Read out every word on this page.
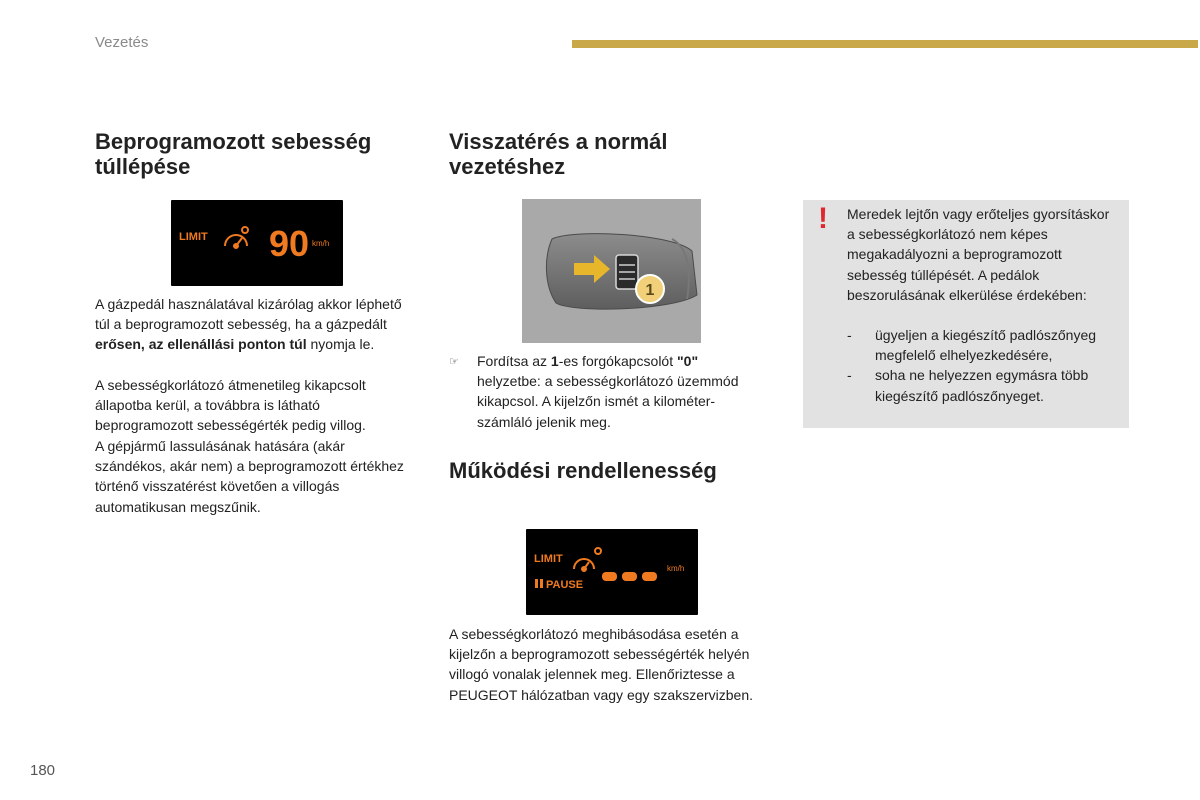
Vezetés
Beprogramozott sebesség
túllépése
LIMIT 90 km/h

A gázpedál használatával kizárólag akkor léphető túl a beprogramozott sebesség, ha a gázpedált erősen, az ellenállási ponton túl nyomja le.

A sebességkorlátozó átmenetileg kikapcsolt állapotba kerül, a továbbra is látható beprogramozott sebességérték pedig villog.

A gépjármű lassulásának hatására (akár szándékos, akár nem) a beprogramozott értékhez történő visszatérést követően a villogás automatikusan megszűnik.

Visszatérés a normál
vezetéshez
1
☞	Fordítsa az 1-es forgókapcsolót "0" helyzetbe: a sebességkorlátozó üzemmód kikapcsol. A kijelzőn ismét a kilométer-számláló jelenik meg.
Működési rendellenesség
LIMIT
PAUSE
km/h

A sebességkorlátozó meghibásodása esetén a kijelzőn a beprogramozott sebességérték helyén villogó vonalak jelennek meg. Ellenőriztesse a PEUGEOT hálózatban vagy egy szakszervizben.

! Meredek lejtőn vagy erőteljes gyorsításkor a sebességkorlátozó nem képes megakadályozni a beprogramozott sebesség túllépését. A pedálok beszorulásának elkerülése érdekében:

- ügyeljen a kiegészítő padlószőnyeg megfelelő elhelyezkedésére,
- soha ne helyezzen egymásra több kiegészítő padlószőnyeget.
180
